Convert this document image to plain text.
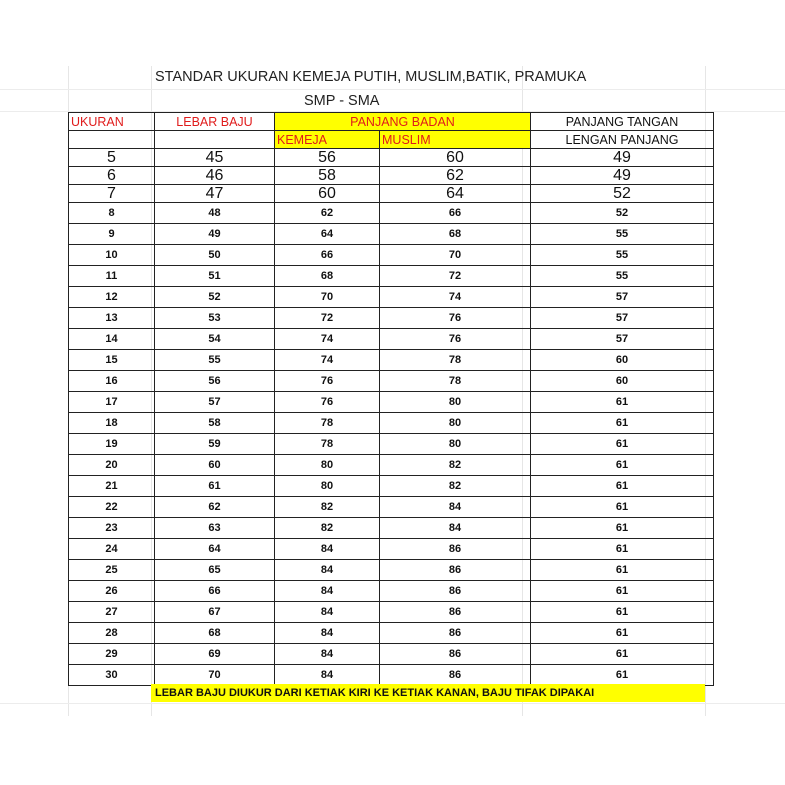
STANDAR UKURAN KEMEJA PUTIH, MUSLIM,BATIK, PRAMUKA
SMP - SMA
UKURAN	LEBAR BAJU	PANJANG BADAN		PANJANG TANGAN
		KEMEJA	MUSLIM	LENGAN PANJANG
5	45	56	60	49
6	46	58	62	49
7	47	60	64	52
8	48	62	66	52
9	49	64	68	55
10	50	66	70	55
11	51	68	72	55
12	52	70	74	57
13	53	72	76	57
14	54	74	76	57
15	55	74	78	60
16	56	76	78	60
17	57	76	80	61
18	58	78	80	61
19	59	78	80	61
20	60	80	82	61
21	61	80	82	61
22	62	82	84	61
23	63	82	84	61
24	64	84	86	61
25	65	84	86	61
26	66	84	86	61
27	67	84	86	61
28	68	84	86	61
29	69	84	86	61
30	70	84	86	61
LEBAR BAJU DIUKUR DARI KETIAK KIRI KE KETIAK KANAN, BAJU TIFAK DIPAKAI
